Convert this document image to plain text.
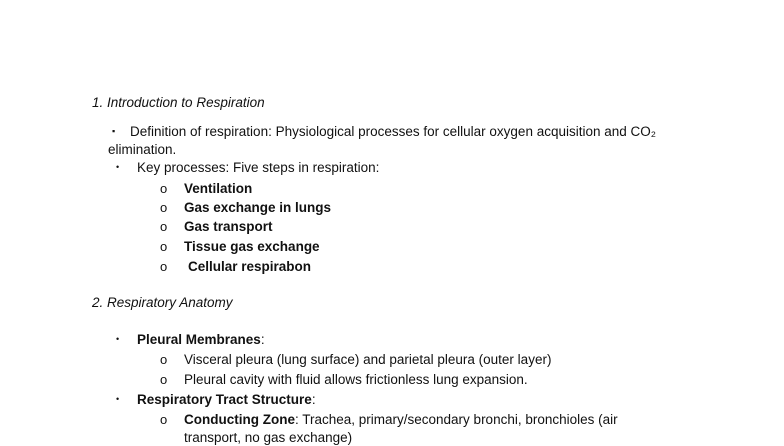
1. Introduction to Respiration
▪ Definition of respiration: Physiological processes for cellular oxygen acquisition and CO₂
elimination.
• Key processes: Five steps in respiration:
o Ventilation
o Gas exchange in lungs
o Gas transport
o Tissue gas exchange
o Cellular respirabon
2. Respiratory Anatomy
• Pleural Membranes:
o Visceral pleura (lung surface) and parietal pleura (outer layer)
o Pleural cavity with fluid allows frictionless lung expansion.
• Respiratory Tract Structure:
o Conducting Zone: Trachea, primary/secondary bronchi, bronchioles (air
transport, no gas exchange)
